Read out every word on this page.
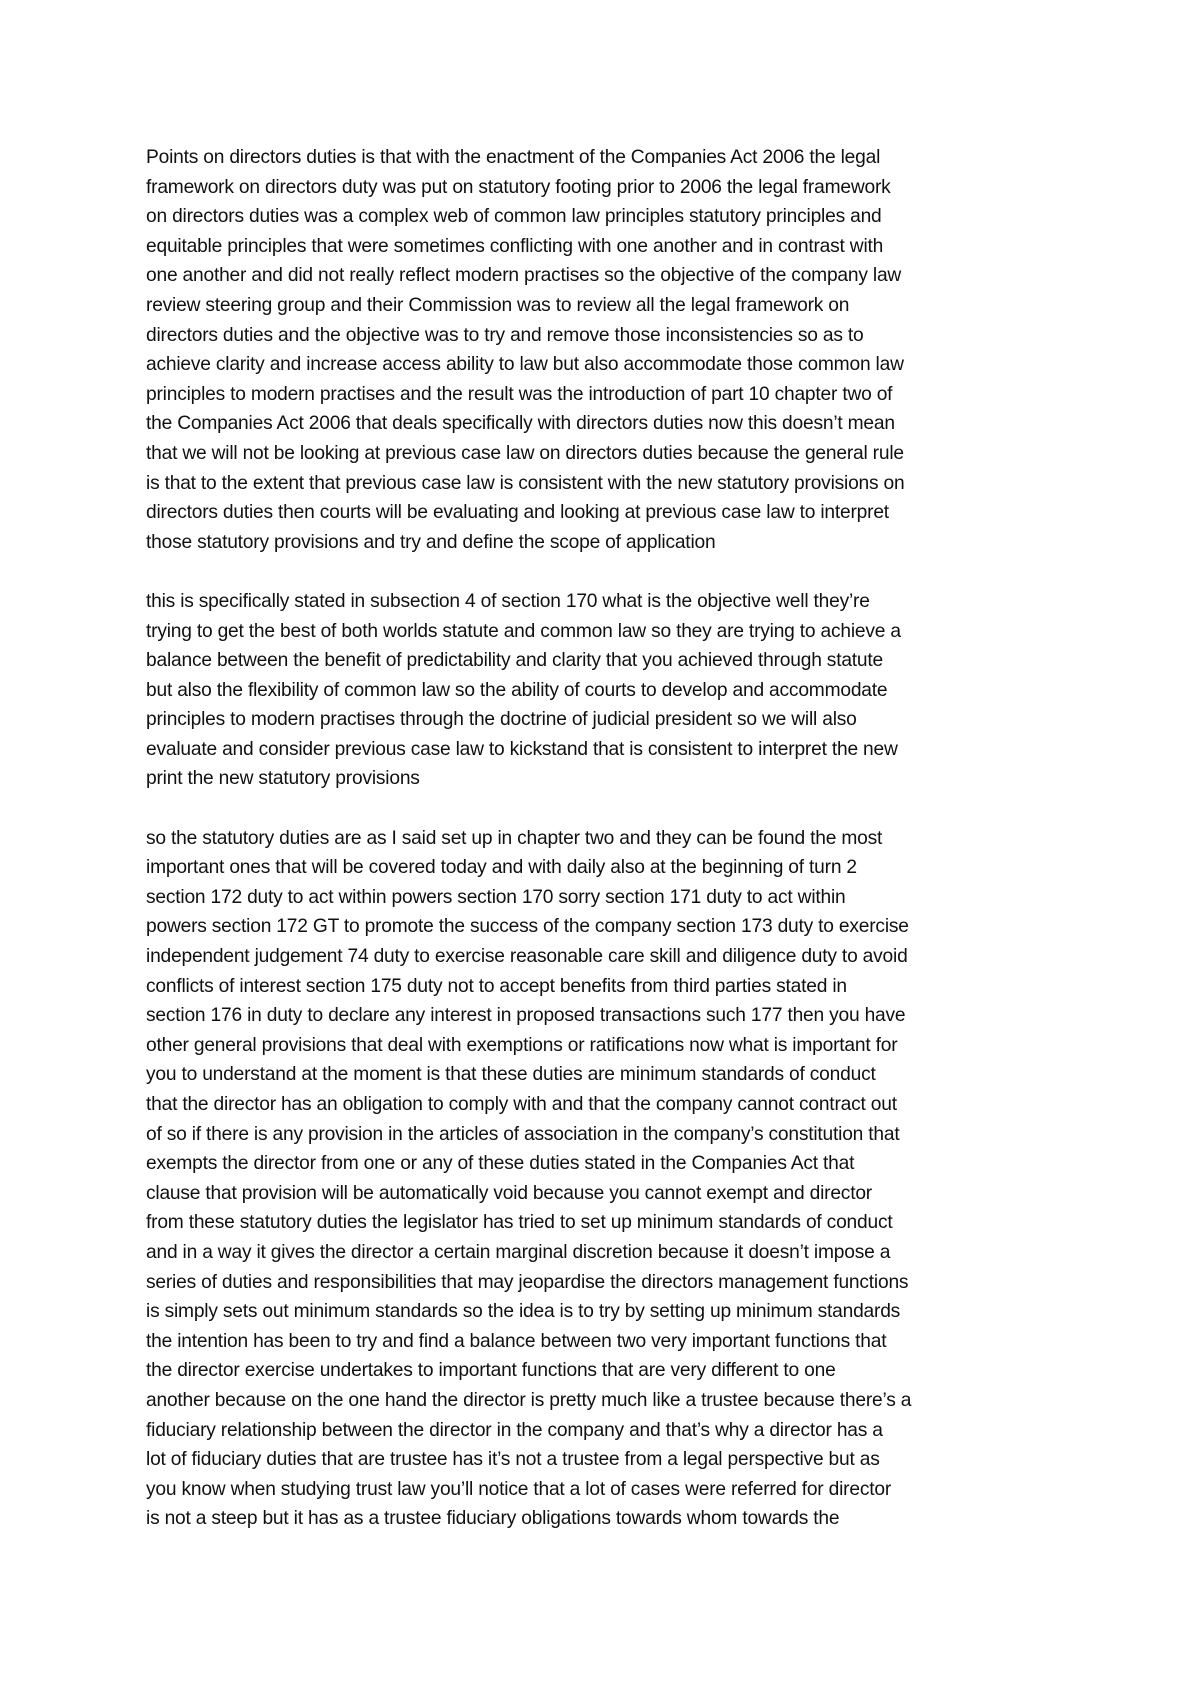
Points on directors duties is that with the enactment of the Companies Act 2006 the legal
framework on directors duty was put on statutory footing prior to 2006 the legal framework
on directors duties was a complex web of common law principles statutory principles and
equitable principles that were sometimes conflicting with one another and in contrast with
one another and did not really reflect modern practises so the objective of the company law
review steering group and their Commission was to review all the legal framework on
directors duties and the objective was to try and remove those inconsistencies so as to
achieve clarity and increase access ability to law but also accommodate those common law
principles to modern practises and the result was the introduction of part 10 chapter two of
the Companies Act 2006 that deals specifically with directors duties now this doesn’t mean
that we will not be looking at previous case law on directors duties because the general rule
is that to the extent that previous case law is consistent with the new statutory provisions on
directors duties then courts will be evaluating and looking at previous case law to interpret
those statutory provisions and try and define the scope of application
this is specifically stated in subsection 4 of section 170 what is the objective well they’re
trying to get the best of both worlds statute and common law so they are trying to achieve a
balance between the benefit of predictability and clarity that you achieved through statute
but also the flexibility of common law so the ability of courts to develop and accommodate
principles to modern practises through the doctrine of judicial president so we will also
evaluate and consider previous case law to kickstand that is consistent to interpret the new
print the new statutory provisions
so the statutory duties are as I said set up in chapter two and they can be found the most
important ones that will be covered today and with daily also at the beginning of turn 2
section 172 duty to act within powers section 170 sorry section 171 duty to act within
powers section 172 GT to promote the success of the company section 173 duty to exercise
independent judgement 74 duty to exercise reasonable care skill and diligence duty to avoid
conflicts of interest section 175 duty not to accept benefits from third parties stated in
section 176 in duty to declare any interest in proposed transactions such 177 then you have
other general provisions that deal with exemptions or ratifications now what is important for
you to understand at the moment is that these duties are minimum standards of conduct
that the director has an obligation to comply with and that the company cannot contract out
of so if there is any provision in the articles of association in the company’s constitution that
exempts the director from one or any of these duties stated in the Companies Act that
clause that provision will be automatically void because you cannot exempt and director
from these statutory duties the legislator has tried to set up minimum standards of conduct
and in a way it gives the director a certain marginal discretion because it doesn’t impose a
series of duties and responsibilities that may jeopardise the directors management functions
is simply sets out minimum standards so the idea is to try by setting up minimum standards
the intention has been to try and find a balance between two very important functions that
the director exercise undertakes to important functions that are very different to one
another because on the one hand the director is pretty much like a trustee because there’s a
fiduciary relationship between the director in the company and that’s why a director has a
lot of fiduciary duties that are trustee has it’s not a trustee from a legal perspective but as
you know when studying trust law you’ll notice that a lot of cases were referred for director
is not a steep but it has as a trustee fiduciary obligations towards whom towards the
